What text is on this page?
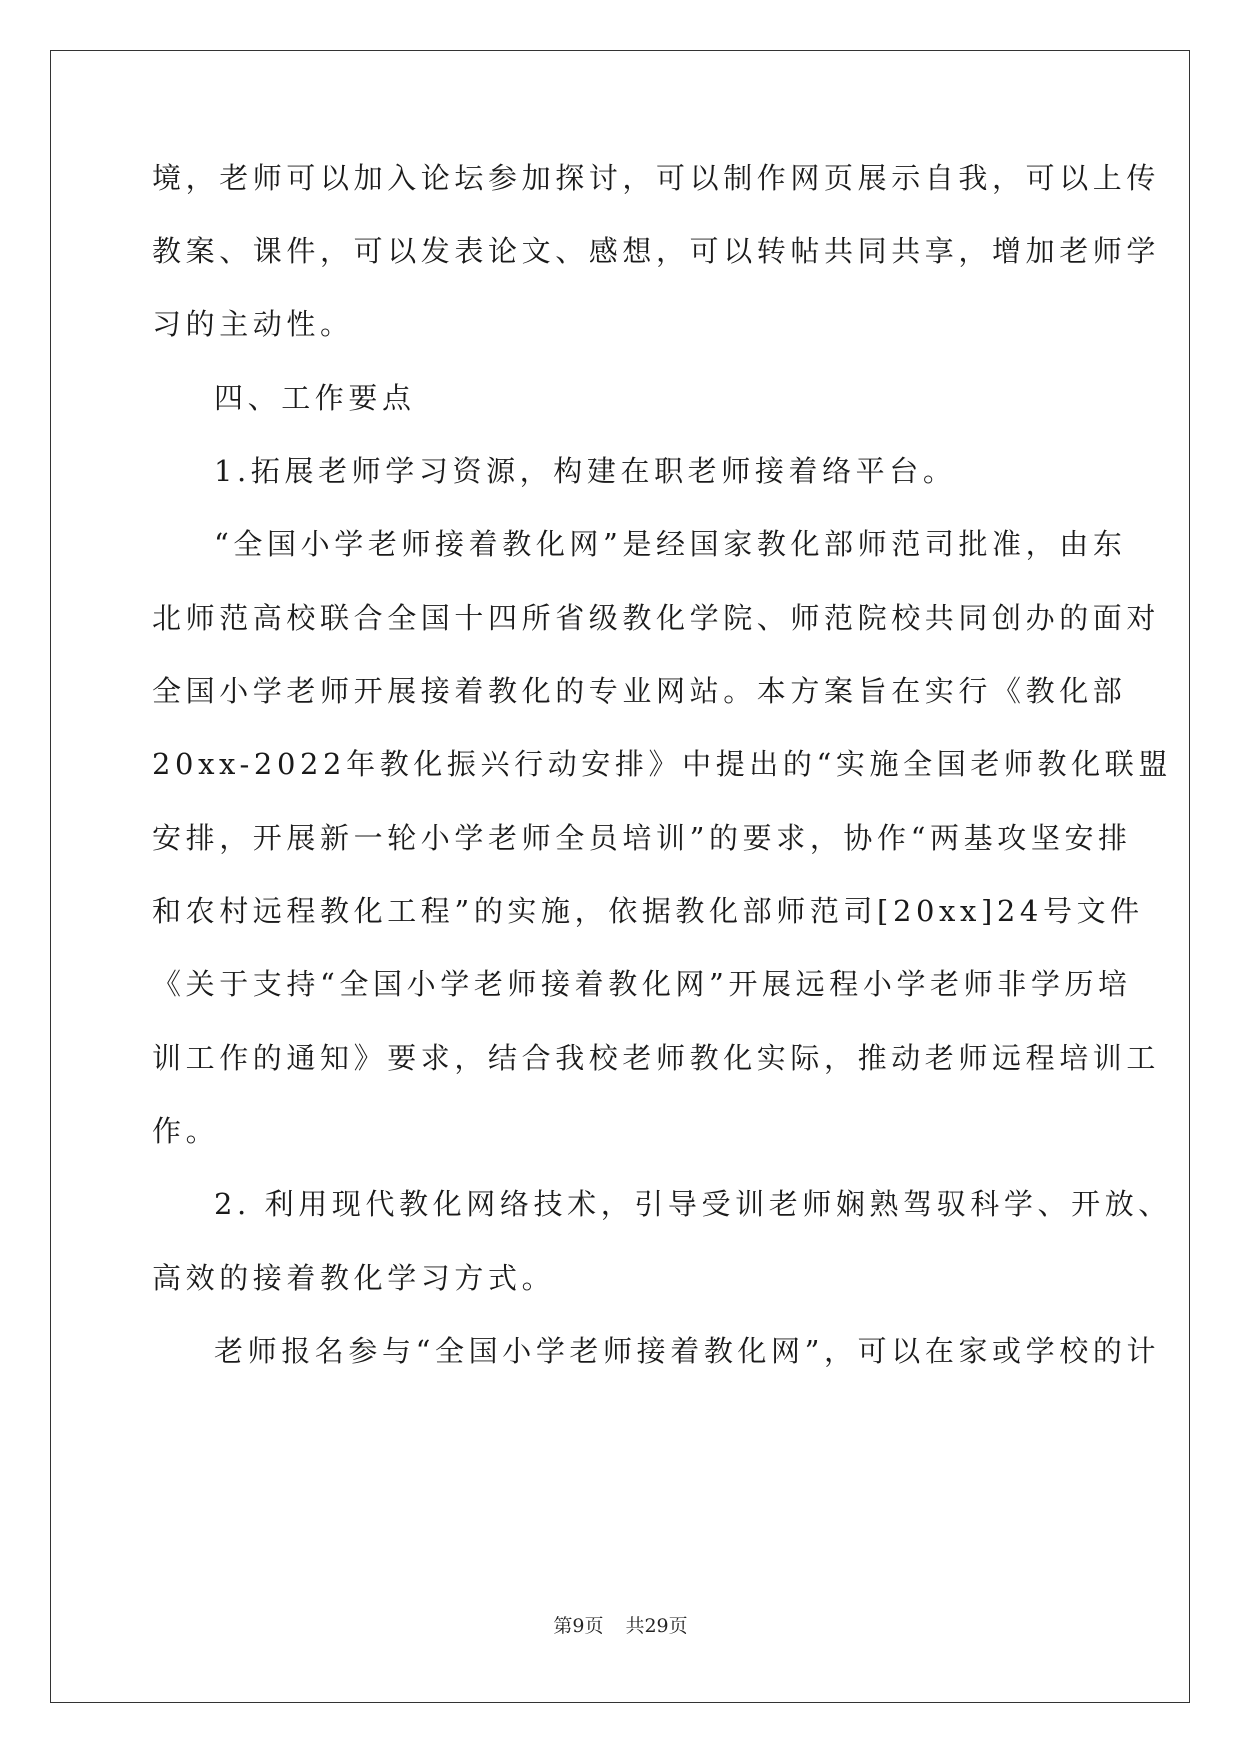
境，老师可以加入论坛参加探讨，可以制作网页展示自我，可以上传
教案、课件，可以发表论文、感想，可以转帖共同共享，增加老师学
习的主动性。
四、工作要点
1.拓展老师学习资源，构建在职老师接着络平台。
“全国小学老师接着教化网”是经国家教化部师范司批准，由东
北师范高校联合全国十四所省级教化学院、师范院校共同创办的面对
全国小学老师开展接着教化的专业网站。本方案旨在实行《教化部
20xx-2022年教化振兴行动安排》中提出的“实施全国老师教化联盟
安排，开展新一轮小学老师全员培训”的要求，协作“两基攻坚安排
和农村远程教化工程”的实施，依据教化部师范司[20xx]24号文件
《关于支持“全国小学老师接着教化网”开展远程小学老师非学历培
训工作的通知》要求，结合我校老师教化实际，推动老师远程培训工
作。
2. 利用现代教化网络技术，引导受训老师娴熟驾驭科学、开放、
高效的接着教化学习方式。
老师报名参与“全国小学老师接着教化网”，可以在家或学校的计
第9页 共29页
